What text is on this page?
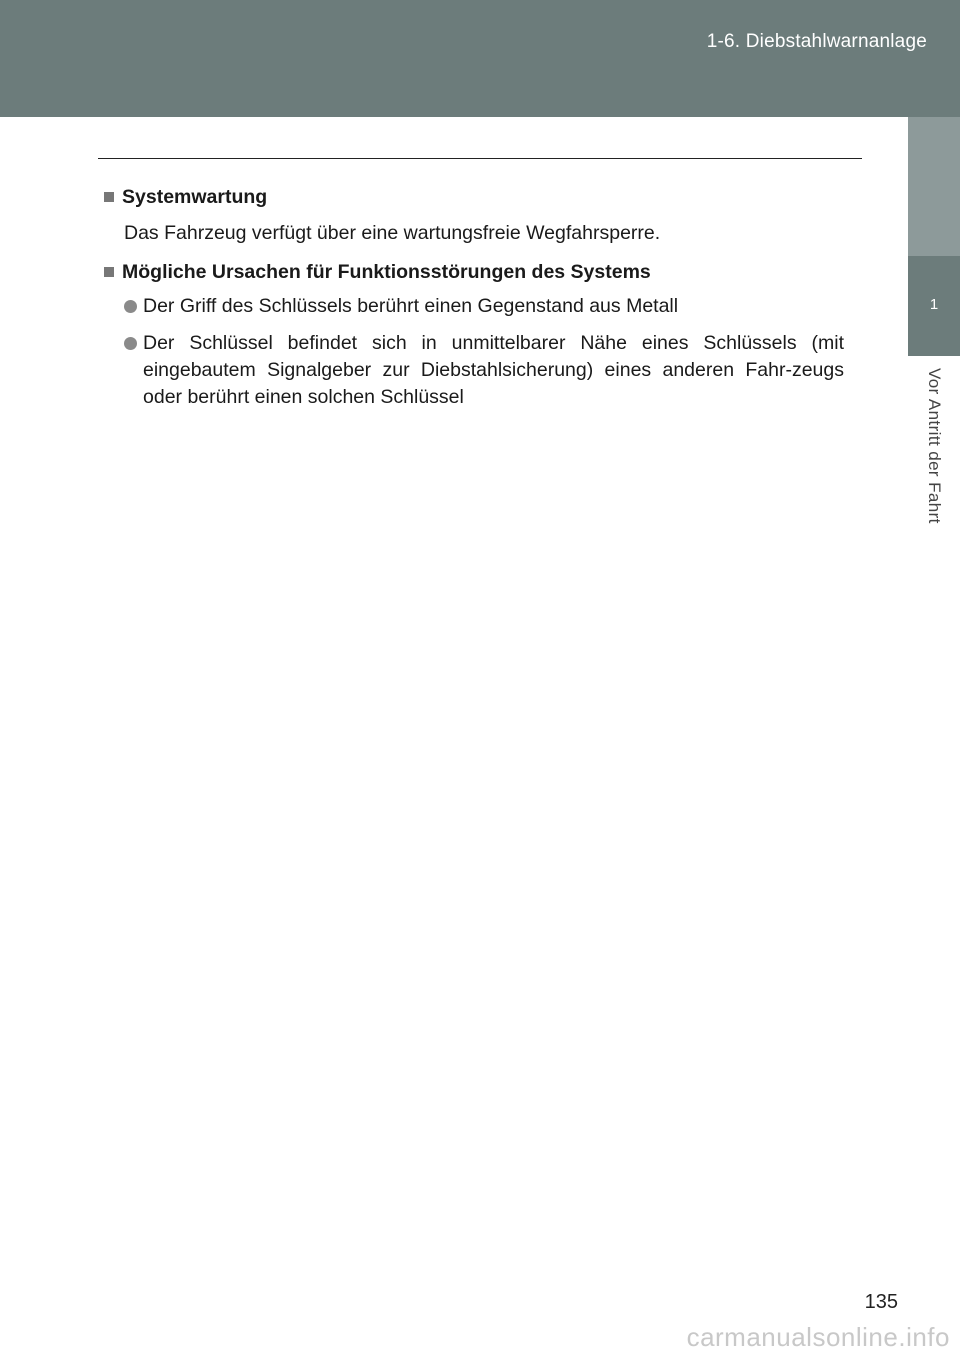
1-6. Diebstahlwarnanlage
1
Vor Antritt der Fahrt
Systemwartung

Das Fahrzeug verfügt über eine wartungsfreie Wegfahrsperre.

Mögliche Ursachen für Funktionsstörungen des Systems
Der Griff des Schlüssels berührt einen Gegenstand aus Metall
Der Schlüssel befindet sich in unmittelbarer Nähe eines Schlüssels (mit eingebautem Signalgeber zur Diebstahlsicherung) eines anderen Fahr-zeugs oder berührt einen solchen Schlüssel
135
carmanualsonline.info
